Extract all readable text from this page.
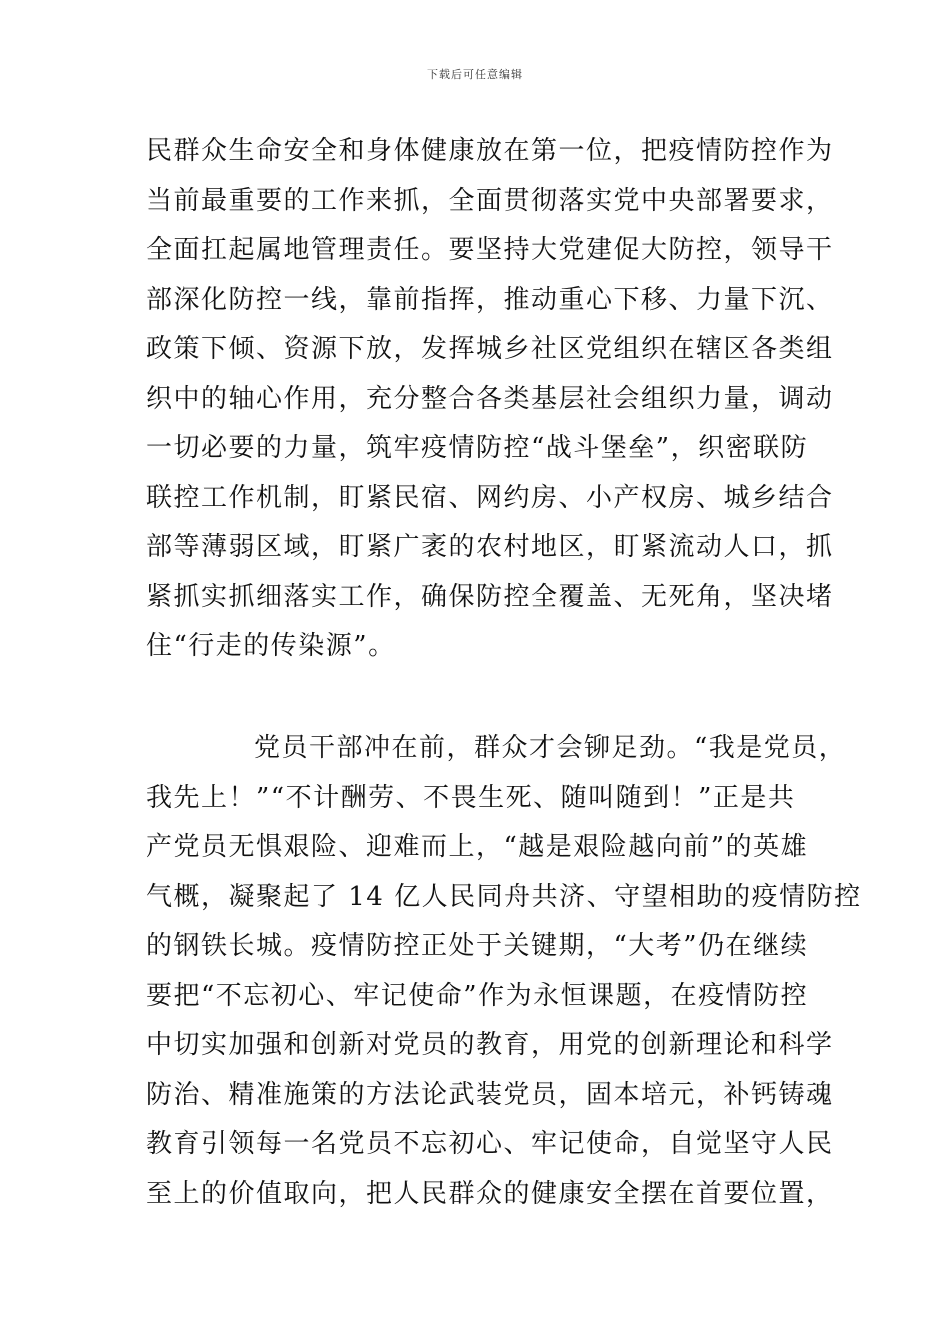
下载后可任意编辑
民群众生命安全和身体健康放在第一位，把疫情防控作为
当前最重要的工作来抓，全面贯彻落实党中央部署要求，
全面扛起属地管理责任。要坚持大党建促大防控，领导干
部深化防控一线，靠前指挥，推动重心下移、力量下沉、
政策下倾、资源下放，发挥城乡社区党组织在辖区各类组
织中的轴心作用，充分整合各类基层社会组织力量，调动
一切必要的力量，筑牢疫情防控“战斗堡垒”，织密联防
联控工作机制，盯紧民宿、网约房、小产权房、城乡结合
部等薄弱区域，盯紧广袤的农村地区，盯紧流动人口，抓
紧抓实抓细落实工作，确保防控全覆盖、无死角，坚决堵
住“行走的传染源”。
党员干部冲在前，群众才会铆足劲。“我是党员，
我先上！”“不计酬劳、不畏生死、随叫随到！”正是共
产党员无惧艰险、迎难而上，“越是艰险越向前”的英雄
气概，凝聚起了 14 亿人民同舟共济、守望相助的疫情防控
的钢铁长城。疫情防控正处于关键期，“大考”仍在继续
要把“不忘初心、牢记使命”作为永恒课题，在疫情防控
中切实加强和创新对党员的教育，用党的创新理论和科学
防治、精准施策的方法论武装党员，固本培元，补钙铸魂
教育引领每一名党员不忘初心、牢记使命，自觉坚守人民
至上的价值取向，把人民群众的健康安全摆在首要位置，
